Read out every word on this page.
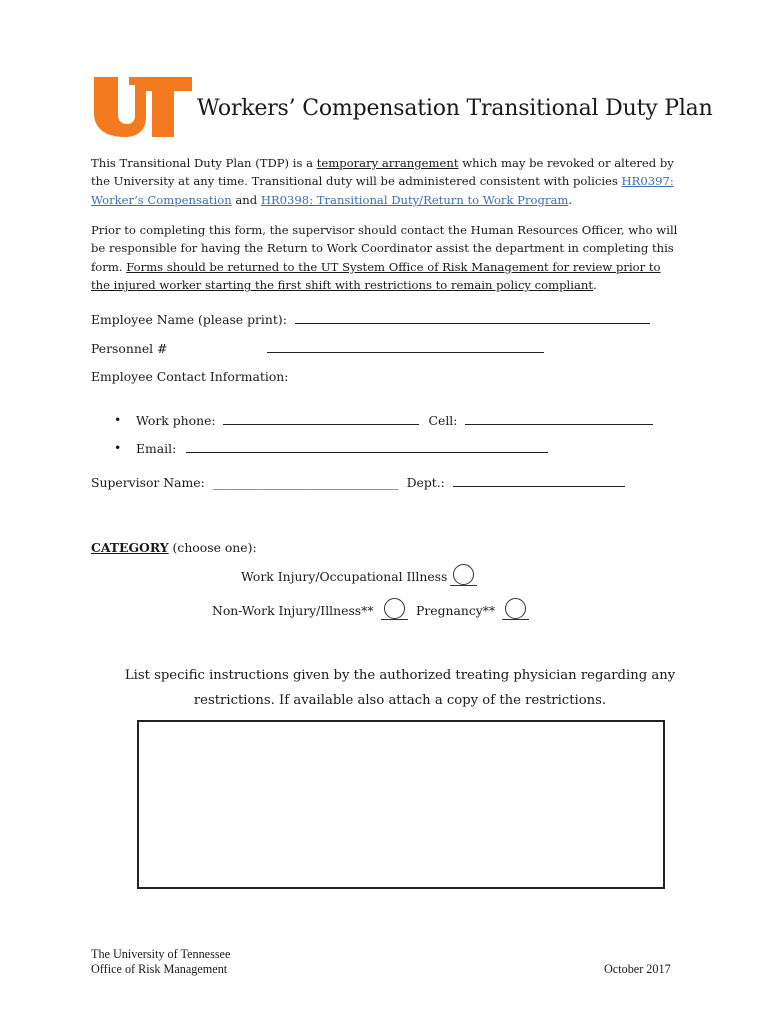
Workers’ Compensation Transitional Duty Plan

This Transitional Duty Plan (TDP) is a temporary arrangement which may be revoked or altered by the University at any time. Transitional duty will be administered consistent with policies HR0397: Worker’s Compensation and HR0398: Transitional Duty/Return to Work Program.

Prior to completing this form, the supervisor should contact the Human Resources Officer, who will be responsible for having the Return to Work Coordinator assist the department in completing this form. Forms should be returned to the UT System Office of Risk Management for review prior to the injured worker starting the first shift with restrictions to remain policy compliant.

Employee Name (please print):
Personnel #
Employee Contact Information:
• Work phone:	Cell:
• Email:
Supervisor Name: ______________________________ Dept.:
CATEGORY (choose one):
Work Injury/Occupational Illness
Non-Work Injury/Illness**	Pregnancy**

List specific instructions given by the authorized treating physician regarding any
restrictions. If available also attach a copy of the restrictions.

The University of Tennessee
Office of Risk Management	October 2017
